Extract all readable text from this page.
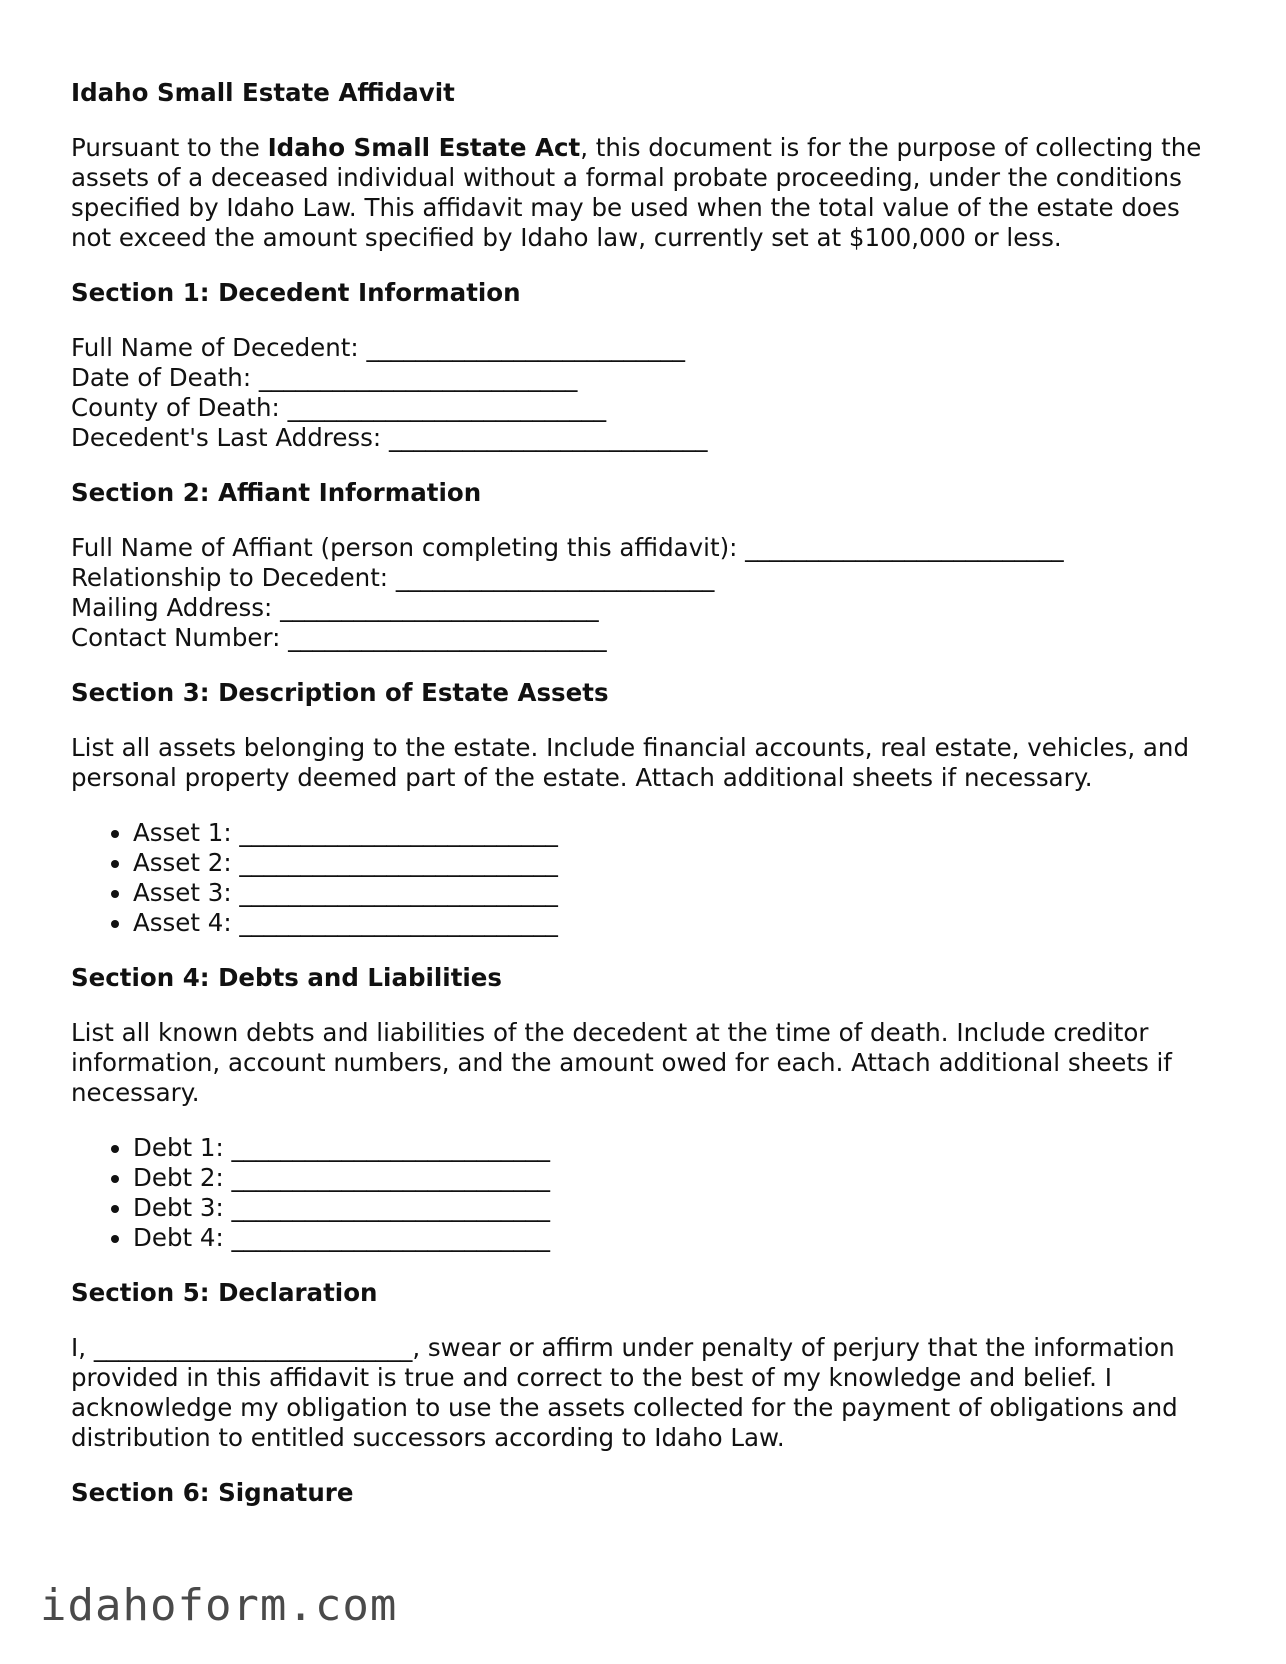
Idaho Small Estate Affidavit

Pursuant to the Idaho Small Estate Act, this document is for the purpose of collecting the assets of a deceased individual without a formal probate proceeding, under the conditions specified by Idaho Law. This affidavit may be used when the total value of the estate does not exceed the amount specified by Idaho law, currently set at $100,000 or less.

Section 1: Decedent Information
Full Name of Decedent: __________________________
Date of Death: __________________________
County of Death: __________________________
Decedent's Last Address: __________________________
Section 2: Affiant Information
Full Name of Affiant (person completing this affidavit): __________________________
Relationship to Decedent: __________________________
Mailing Address: __________________________
Contact Number: __________________________
Section 3: Description of Estate Assets

List all assets belonging to the estate. Include financial accounts, real estate, vehicles, and personal property deemed part of the estate. Attach additional sheets if necessary.

• Asset 1: __________________________
• Asset 2: __________________________
• Asset 3: __________________________
• Asset 4: __________________________
Section 4: Debts and Liabilities

List all known debts and liabilities of the decedent at the time of death. Include creditor information, account numbers, and the amount owed for each. Attach additional sheets if necessary.

• Debt 1: __________________________
• Debt 2: __________________________
• Debt 3: __________________________
• Debt 4: __________________________
Section 5: Declaration

I, __________________________, swear or affirm under penalty of perjury that the information provided in this affidavit is true and correct to the best of my knowledge and belief. I acknowledge my obligation to use the assets collected for the payment of obligations and distribution to entitled successors according to Idaho Law.

Section 6: Signature
idahoform.com
